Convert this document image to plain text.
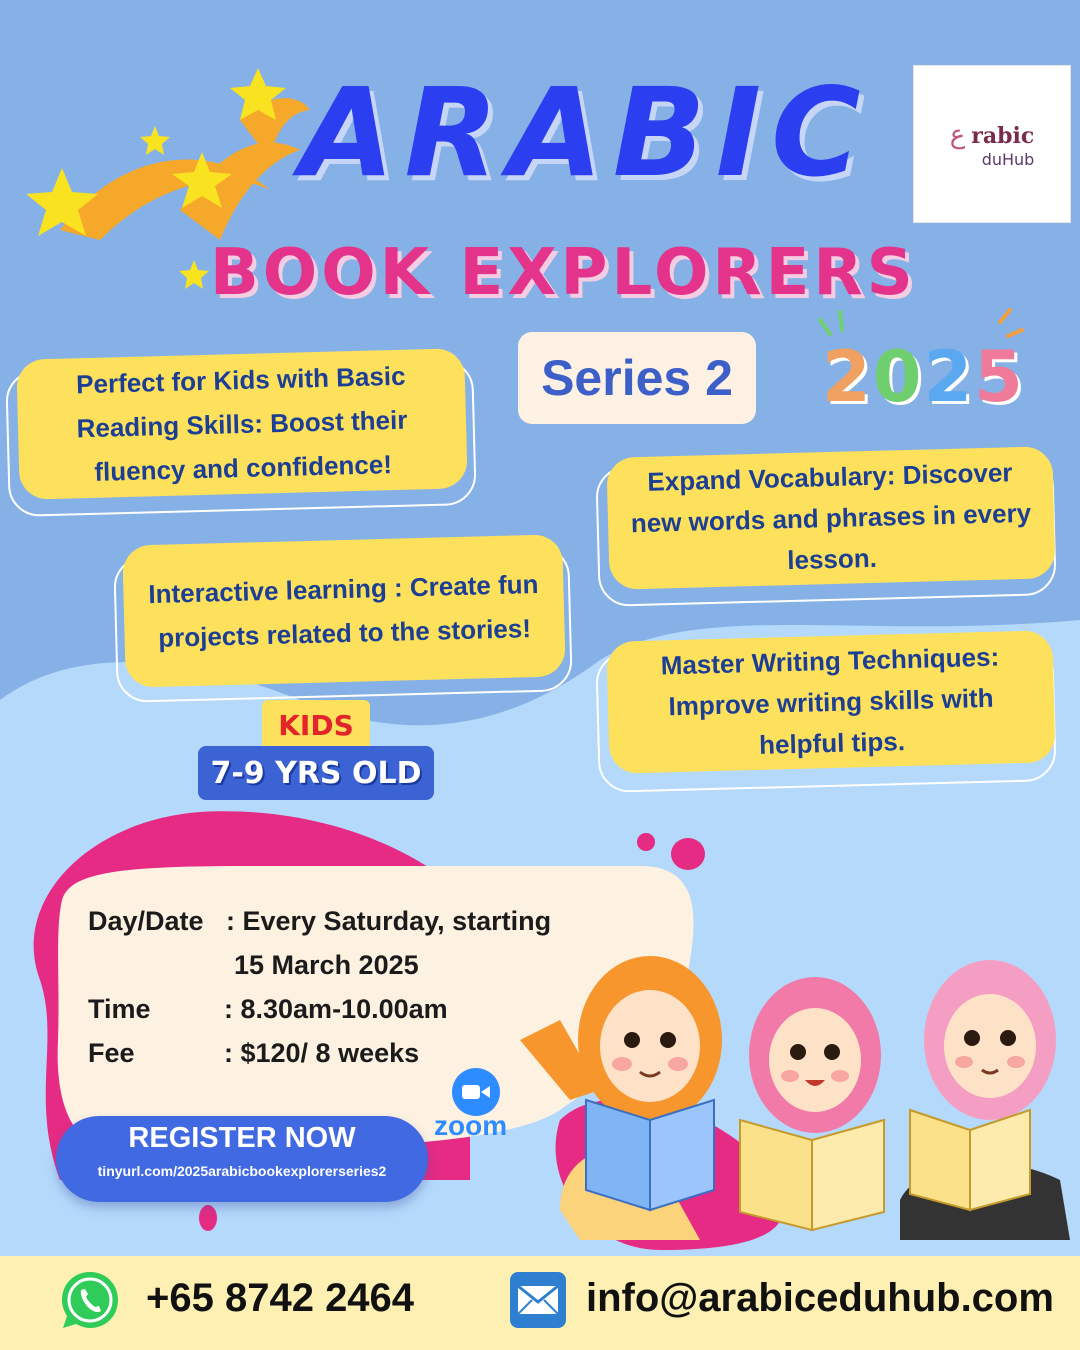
ع rabic
duHub
ARABIC
BOOK EXPLORERS
Series 2	2025
Perfect for Kids with Basic Reading Skills: Boost their fluency and confidence!	Expand Vocabulary: Discover new words and phrases in every lesson.
Interactive learning : Create fun projects related to the stories!
Master Writing Techniques: Improve writing skills with helpful tips.
KIDS
7-9 YRS OLD
Day/Date : Every Saturday, starting
15 March 2025
Time	: 8.30am-10.00am
Fee	: $120/ 8 weeks
REGISTER NOW
tinyurl.com/2025arabicbookexplorerseries2
zoom
+65 8742 2464	info@arabiceduhub.com
